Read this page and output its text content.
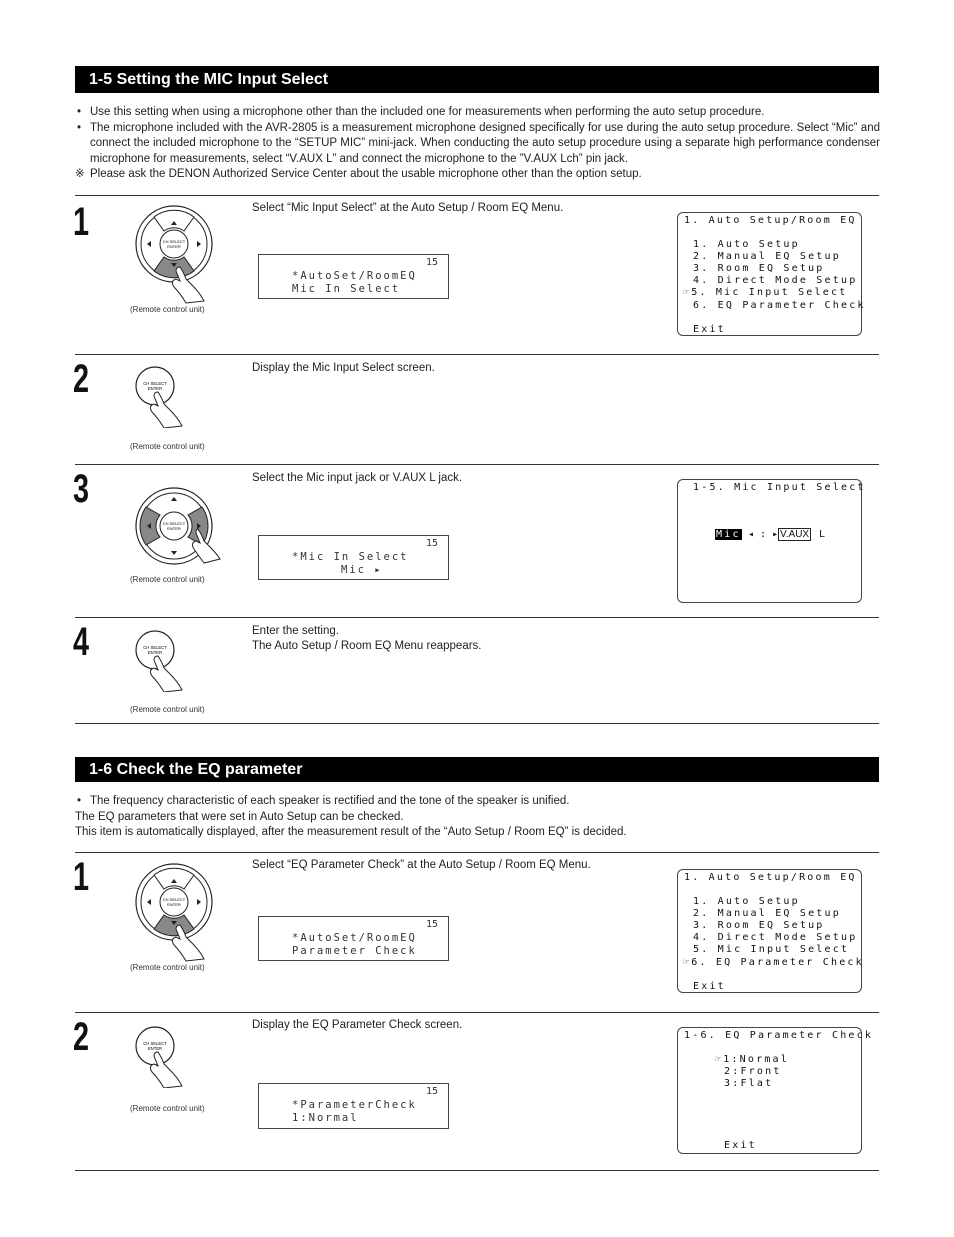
1-5 Setting the MIC Input Select
• Use this setting when using a microphone other than the included one for measurements when performing the auto setup procedure.
• The microphone included with the AVR-2805 is a measurement microphone designed specifically for use during the auto setup procedure. Select “Mic” and connect the included microphone to the “SETUP MIC” mini-jack. When conducting the auto setup procedure using a separate high performance condenser microphone for measurements, select “V.AUX L” and connect the microphone to the ”V.AUX Lch” pin jack.
※ Please ask the DENON Authorized Service Center about the usable microphone other than the option setup.
1	CH SELECT
ENTER
(Remote control unit)
Select “Mic Input Select” at the Auto Setup / Room EQ Menu.
15
*AutoSet/RoomEQ
Mic In Select
1. Auto Setup/Room EQ
1. Auto Setup
2. Manual EQ Setup
3. Room EQ Setup
4. Direct Mode Setup
☞5. Mic Input Select
6. EQ Parameter Check
Exit
2	CH SELECT
ENTER
(Remote control unit)
Display the Mic Input Select screen.
3
CH SELECT
ENTER
(Remote control unit)
Select the Mic input jack or V.AUX L jack.
15
*Mic In Select
Mic ▸
1-5. Mic Input Select
Mic ◂ : ▸ V.AUX L
4	CH SELECT
ENTER
(Remote control unit)
Enter the setting.
The Auto Setup / Room EQ Menu reappears.
1-6 Check the EQ parameter
• The frequency characteristic of each speaker is rectified and the tone of the speaker is unified.
The EQ parameters that were set in Auto Setup can be checked.
This item is automatically displayed, after the measurement result of the “Auto Setup / Room EQ” is decided.
1
CH SELECT
ENTER
(Remote control unit)
Select “EQ Parameter Check” at the Auto Setup / Room EQ Menu.
15
*AutoSet/RoomEQ
Parameter Check
1. Auto Setup/Room EQ
1. Auto Setup
2. Manual EQ Setup
3. Room EQ Setup
4. Direct Mode Setup
5. Mic Input Select
☞6. EQ Parameter Check
Exit
2	CH SELECT
ENTER
(Remote control unit)
Display the EQ Parameter Check screen.
15
*ParameterCheck
1:Normal
1-6. EQ Parameter Check
☞1:Normal
2:Front
3:Flat
Exit
